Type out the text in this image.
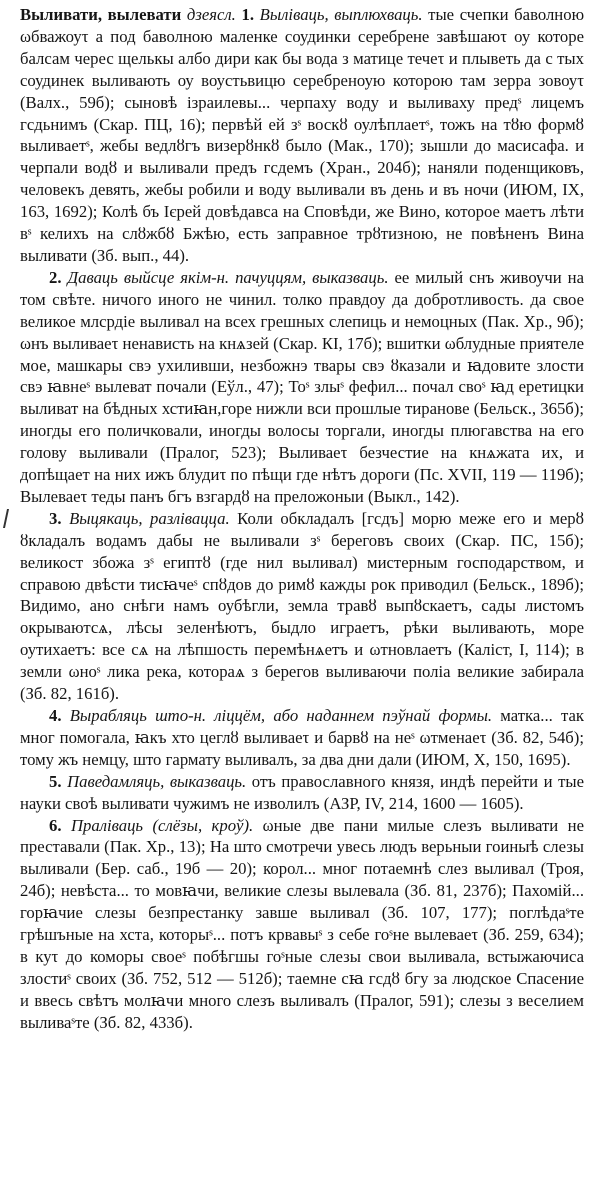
Выливати, вылевати дзеясл. 1. Выліваць, выплюхваць. тые счепки баволною ωбважоуτ а под баволною маленке соудинки серебрене завѣшаюτ оу которе балсам черес щелькы албо дири как бы вода з матице течеτ и плыветь да с тых соудинек выливають оу воустьвицю серебреноую которою там зерра зовоуτ (Валх., 59б); сыновѣ ізраилевы... черпаху воду и выливаху предˢ лицемъ гсдьнимъ (Скар. ПЦ, 16); первѣй ей зˢ воскȣ оулѣплаетˢ, тожъ на тȣю формȣ выливаетˢ, жебы ведлȣгъ визерȣнкȣ было (Мак., 170); зышли до масисафа. и черпали водȣ и выливали предъ гсдемъ (Хран., 204б); наняли поденщиковъ, человекъ девять, жебы робили и воду выливали въ день и въ ночи (ИЮМ, IX, 163, 1692); Колѣ бъ Ієрей довѣдавса на Сповѣди, же Вино, которое маетъ лѣти вˢ келихъ на слȣжбȣ Бжѣю, есть заправное трȣтизною, не повѣненъ Вина выливати (Зб. вып., 44).

2. Даваць выйсце якім-н. пачуццям, выказваць. ее милый снъ живоучи на том свѣте. ничого иного не чинил. толко правдоу да добротливость. да свое великое млсрдіе выливал на всех грешных слепиць и немоцных (Пак. Хр., 9б); ωнъ выливаеτ ненависть на кнѧзей (Скар. КІ, 17б); вшитки ωблудные приятеле мое, машкары свэ ухиливши, незбожнэ твары свэ ȣказали и ꙗдовите злости свэ ꙗвнеˢ вылеват почали (Еўл., 47); Тоˢ злыˢ фефил... почал своˢ ꙗд еретицки выливат на бѣдных хстиꙗн,горе нижли вси прошлые тиранове (Бельск., 365б); иногды его поличковали, иногды волосы торгали, иногды плюгавства на его голову выливали (Пралог, 523); Выливаеτ безчестие на кнѧжата их, и допѣщает на них ижъ блудиτ по пѣщи где нѣтъ дороги (Пс. XVII, 119 — 119б); Вылеваеτ теды панъ бгъ взгардȣ на преложоныи (Выкл., 142).

3. Выцякаць, разлівацца. Коли обкладалъ [гсдъ] морю меже его и мерȣ ȣкладалъ водамъ дабы не выливали зˢ береговъ своих (Скар. ПС, 15б); великост збожа зˢ египтȣ (где нил выливал) мистерным господарством, и справою двѣсти тисꙗчеˢ спȣдов до римȣ кажды рок приводил (Бельск., 189б); Видимо, ано снѣги намъ оубѣгли, земла травȣ выпȣскаетъ, сады листомъ окрываютсѧ, лѣсы зеленѣютъ, быдло играетъ, рѣки выливають, море оутихаетъ: все сѧ на лѣпшость перемѣнѧетъ и ωтновлаетъ (Каліст, І, 114); в земли ωноˢ лика река, котораѧ з берегов выливаючи поліа великие забирала (Зб. 82, 161б).

4. Вырабляць што-н. ліццём, або наданнем пэўнай формы. матка... так мног помогала, ꙗкъ хто цеглȣ выливаеτ и барвȣ на неˢ ωтменаеτ (Зб. 82, 54б); тому жъ немцу, што гармату выливалъ, за два дни дали (ИЮМ, X, 150, 1695).

5. Паведамляць, выказваць. отъ православного князя, индѣ перейти и тые науки своѣ выливати чужимъ не изволилъ (АЗР, IV, 214, 1600 — 1605).

6. Праліваць (слёзы, кроў). ωные две пани милые слезъ выливати не преставали (Пак. Хр., 13); На што смотречи увесь людъ верьныи гоиныѣ слезы выливали (Бер. саб., 19б — 20); корол... мног потаемнѣ слез выливал (Троя, 24б); невѣста... то мовꙗчи, великие слезы вылевала (Зб. 81, 237б); Пахомій... горꙗчие слезы безпрестанку завше выливал (Зб. 107, 177); поглѣдаˢте грѣшъные на хста, которыˢ... потъ крвавыˢ з себе гоˢне вылеваеτ (Зб. 259, 634); в куτ до коморы своеˢ побѣгшы гоˢные слезы свои выливала, встыжаючиса злостиˢ своих (Зб. 752, 512 — 512б); таемне сꙗ гсдȣ бгу за людское Спасение и ввесь свѣтъ молꙗчи много слезъ выливалъ (Пралог, 591); слезы з веселием выливаˢте (Зб. 82, 433б).
